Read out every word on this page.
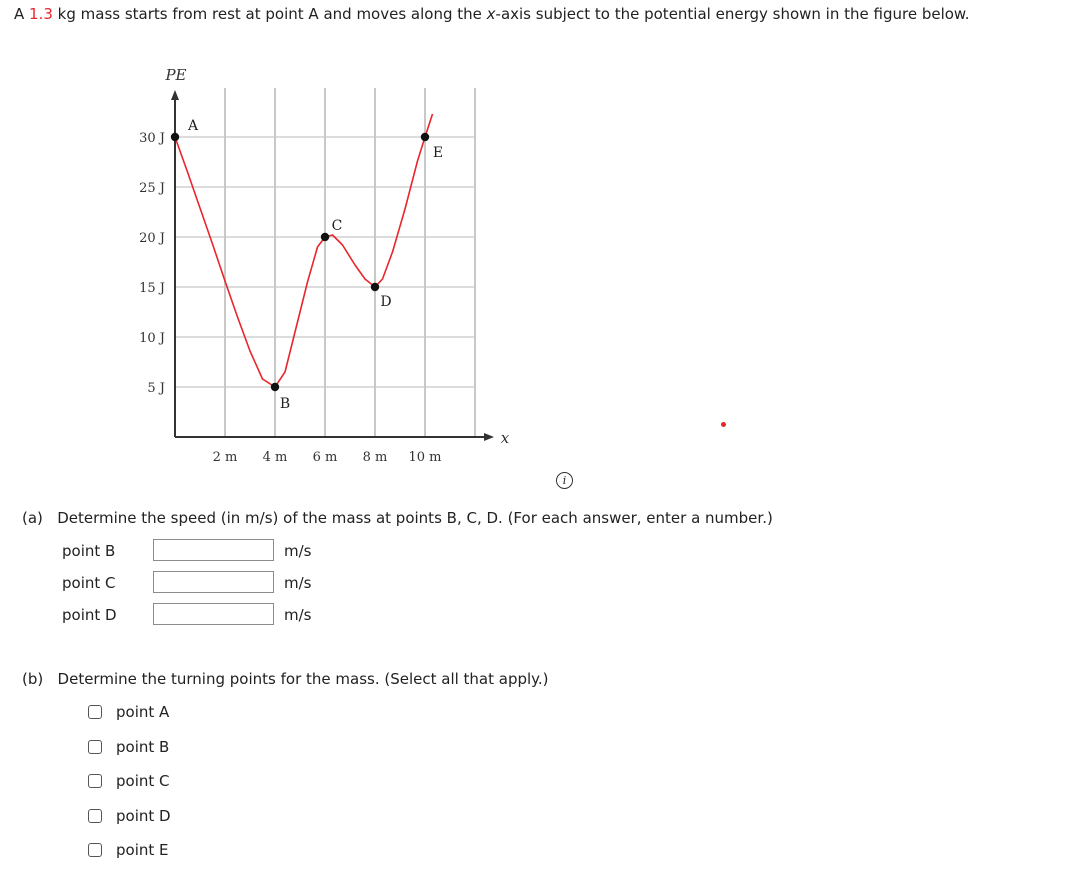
A 1.3 kg mass starts from rest at point A and moves along the x-axis subject to the potential energy shown in the figure below.
PE
x
2 m 4 m 6 m 8 m 10 m
5 J
10 J
15 J
20 J
25 J
30 J
A
B
C
D
E
i
(a) Determine the speed (in m/s) of the mass at points B, C, D. (For each answer, enter a number.)
point B	m/s
point C	m/s
point D	m/s
(b) Determine the turning points for the mass. (Select all that apply.)
point A
point B
point C
point D
point E
